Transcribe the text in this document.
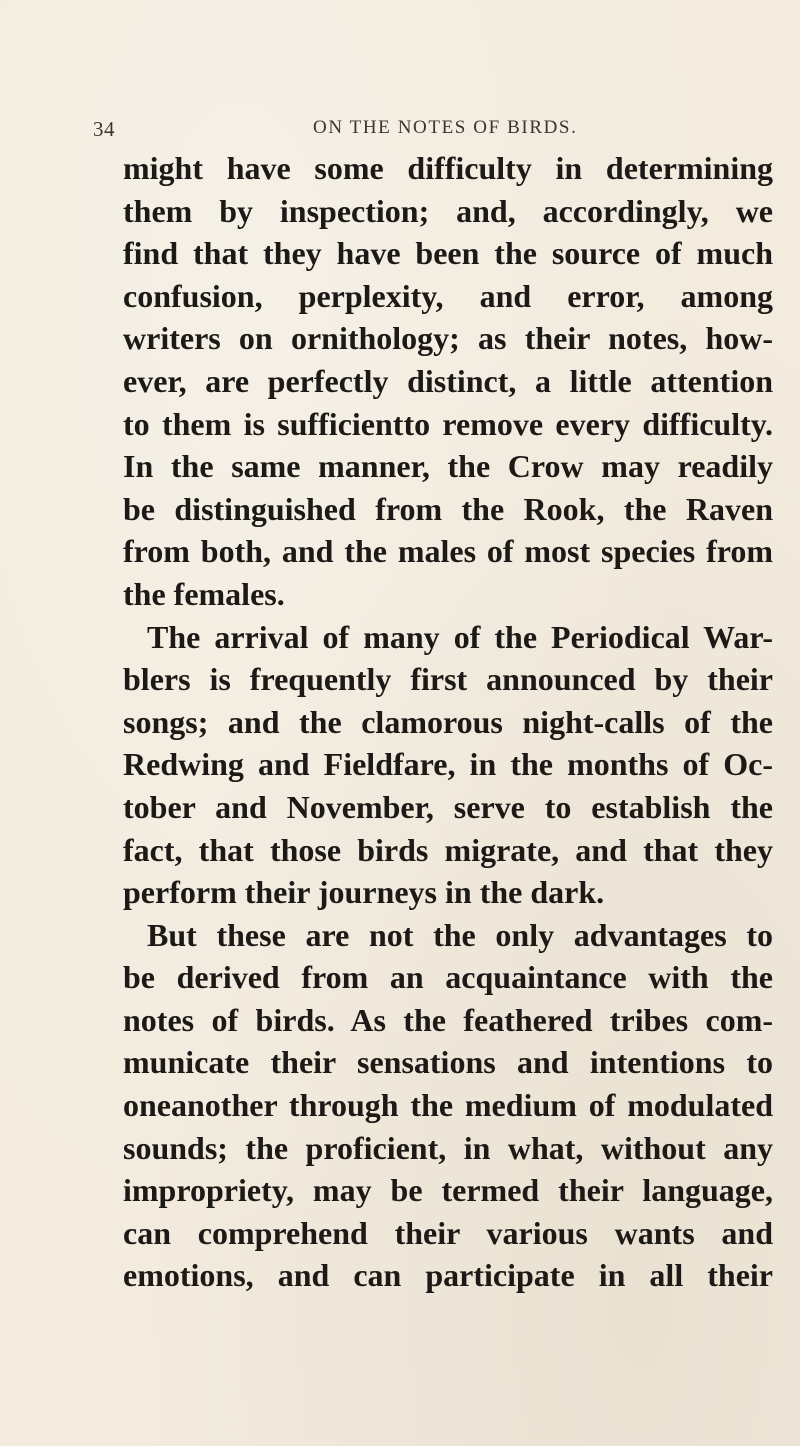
34	ON THE NOTES OF BIRDS.
might have some difficulty in determining
them by inspection; and, accordingly, we
find that they have been the source of much
confusion, perplexity, and error, among
writers on ornithology; as their notes, how-
ever, are perfectly distinct, a little attention
to them is sufficientto remove every difficulty.
In the same manner, the Crow may readily
be distinguished from the Rook, the Raven
from both, and the males of most species from
the females.
The arrival of many of the Periodical War-
blers is frequently first announced by their
songs; and the clamorous night-calls of the
Redwing and Fieldfare, in the months of Oc-
tober and November, serve to establish the
fact, that those birds migrate, and that they
perform their journeys in the dark.
But these are not the only advantages to
be derived from an acquaintance with the
notes of birds. As the feathered tribes com-
municate their sensations and intentions to
oneanother through the medium of modulated
sounds; the proficient, in what, without any
impropriety, may be termed their language,
can comprehend their various wants and
emotions, and can participate in all their
